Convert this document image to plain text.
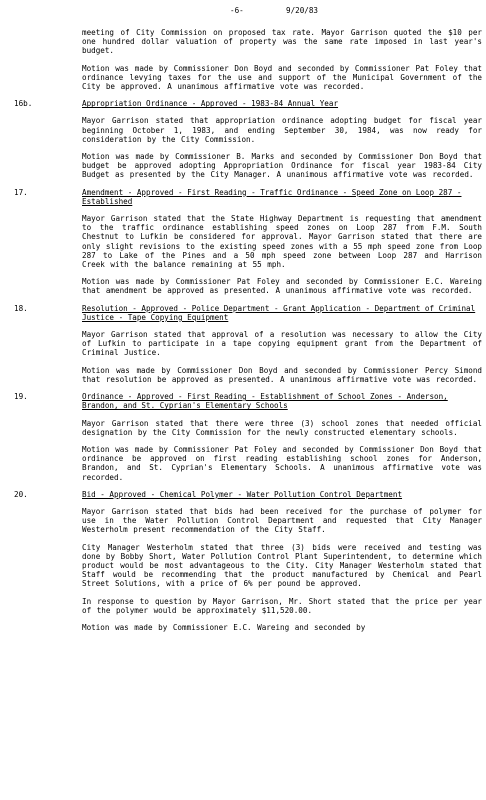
-6-	9/20/83
meeting of City Commission on proposed tax rate. Mayor Garrison quoted the $10 per one hundred dollar valuation of property was the same rate imposed in last year's budget.
Motion was made by Commissioner Don Boyd and seconded by Commissioner Pat Foley that ordinance levying taxes for the use and support of the Municipal Government of the City be approved. A unanimous affirmative vote was recorded.
16b.	Appropriation Ordinance - Approved - 1983-84 Annual Year
Mayor Garrison stated that appropriation ordinance adopting budget for fiscal year beginning October 1, 1983, and ending September 30, 1984, was now ready for consideration by the City Commission.
Motion was made by Commissioner B. Marks and seconded by Commissioner Don Boyd that budget be approved adopting Appropriation Ordinance for fiscal year 1983-84 City Budget as presented by the City Manager. A unanimous affirmative vote was recorded.
17.	Amendment - Approved - First Reading - Traffic Ordinance - Speed Zone on Loop 287 - Established
Mayor Garrison stated that the State Highway Department is requesting that amendment to the traffic ordinance establishing speed zones on Loop 287 from F.M. South Chestnut to Lufkin be considered for approval. Mayor Garrison stated that there are only slight revisions to the existing speed zones with a 55 mph speed zone from Loop 287 to Lake of the Pines and a 50 mph speed zone between Loop 287 and Harrison Creek with the balance remaining at 55 mph.
Motion was made by Commissioner Pat Foley and seconded by Commissioner E.C. Wareing that amendment be approved as presented. A unanimous affirmative vote was recorded.
18.	Resolution - Approved - Police Department - Grant Application - Department of Criminal Justice - Tape Copying Equipment
Mayor Garrison stated that approval of a resolution was necessary to allow the City of Lufkin to participate in a tape copying equipment grant from the Department of Criminal Justice.
Motion was made by Commissioner Don Boyd and seconded by Commissioner Percy Simond that resolution be approved as presented. A unanimous affirmative vote was recorded.
19.	Ordinance - Approved - First Reading - Establishment of School Zones - Anderson, Brandon, and St. Cyprian's Elementary Schools
Mayor Garrison stated that there were three (3) school zones that needed official designation by the City Commission for the newly constructed elementary schools.
Motion was made by Commissioner Pat Foley and seconded by Commissioner Don Boyd that ordinance be approved on first reading establishing school zones for Anderson, Brandon, and St. Cyprian's Elementary Schools. A unanimous affirmative vote was recorded.
20.	Bid - Approved - Chemical Polymer - Water Pollution Control Department
Mayor Garrison stated that bids had been received for the purchase of polymer for use in the Water Pollution Control Department and requested that City Manager Westerholm present recommendation of the City Staff.
City Manager Westerholm stated that three (3) bids were received and testing was done by Bobby Short, Water Pollution Control Plant Superintendent, to determine which product would be most advantageous to the City. City Manager Westerholm stated that Staff would be recommending that the product manufactured by Chemical and Pearl Street Solutions, with a price of 6% per pound be approved.
In response to question by Mayor Garrison, Mr. Short stated that the price per year of the polymer would be approximately $11,520.00.
Motion was made by Commissioner E.C. Wareing and seconded by
